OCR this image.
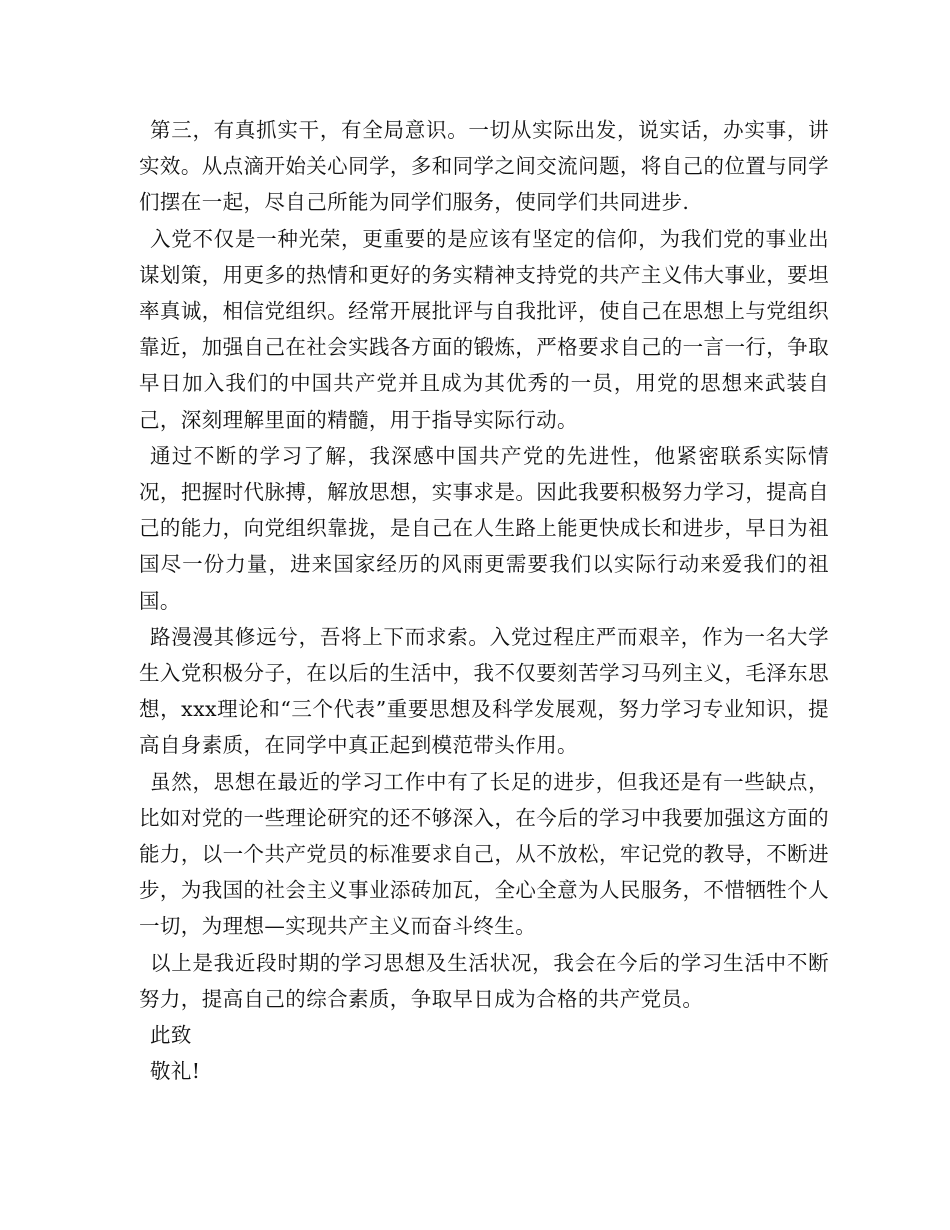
第三，有真抓实干，有全局意识。一切从实际出发，说实话，办实事，讲实效。从点滴开始关心同学，多和同学之间交流问题，将自己的位置与同学们摆在一起，尽自己所能为同学们服务，使同学们共同进步.

入党不仅是一种光荣，更重要的是应该有坚定的信仰，为我们党的事业出谋划策，用更多的热情和更好的务实精神支持党的共产主义伟大事业，要坦率真诚，相信党组织。经常开展批评与自我批评，使自己在思想上与党组织靠近，加强自己在社会实践各方面的锻炼，严格要求自己的一言一行，争取早日加入我们的中国共产党并且成为其优秀的一员，用党的思想来武装自己，深刻理解里面的精髓，用于指导实际行动。

通过不断的学习了解，我深感中国共产党的先进性，他紧密联系实际情况，把握时代脉搏，解放思想，实事求是。因此我要积极努力学习，提高自己的能力，向党组织靠拢，是自己在人生路上能更快成长和进步，早日为祖国尽一份力量，进来国家经历的风雨更需要我们以实际行动来爱我们的祖国。

路漫漫其修远兮，吾将上下而求索。入党过程庄严而艰辛，作为一名大学生入党积极分子，在以后的生活中，我不仅要刻苦学习马列主义，毛泽东思想，xxx理论和“三个代表”重要思想及科学发展观，努力学习专业知识，提高自身素质，在同学中真正起到模范带头作用。

虽然，思想在最近的学习工作中有了长足的进步，但我还是有一些缺点，比如对党的一些理论研究的还不够深入，在今后的学习中我要加强这方面的能力，以一个共产党员的标准要求自己，从不放松，牢记党的教导，不断进步，为我国的社会主义事业添砖加瓦，全心全意为人民服务，不惜牺牲个人一切，为理想—实现共产主义而奋斗终生。

以上是我近段时期的学习思想及生活状况，我会在今后的学习生活中不断努力，提高自己的综合素质，争取早日成为合格的共产党员。

此致

敬礼!
